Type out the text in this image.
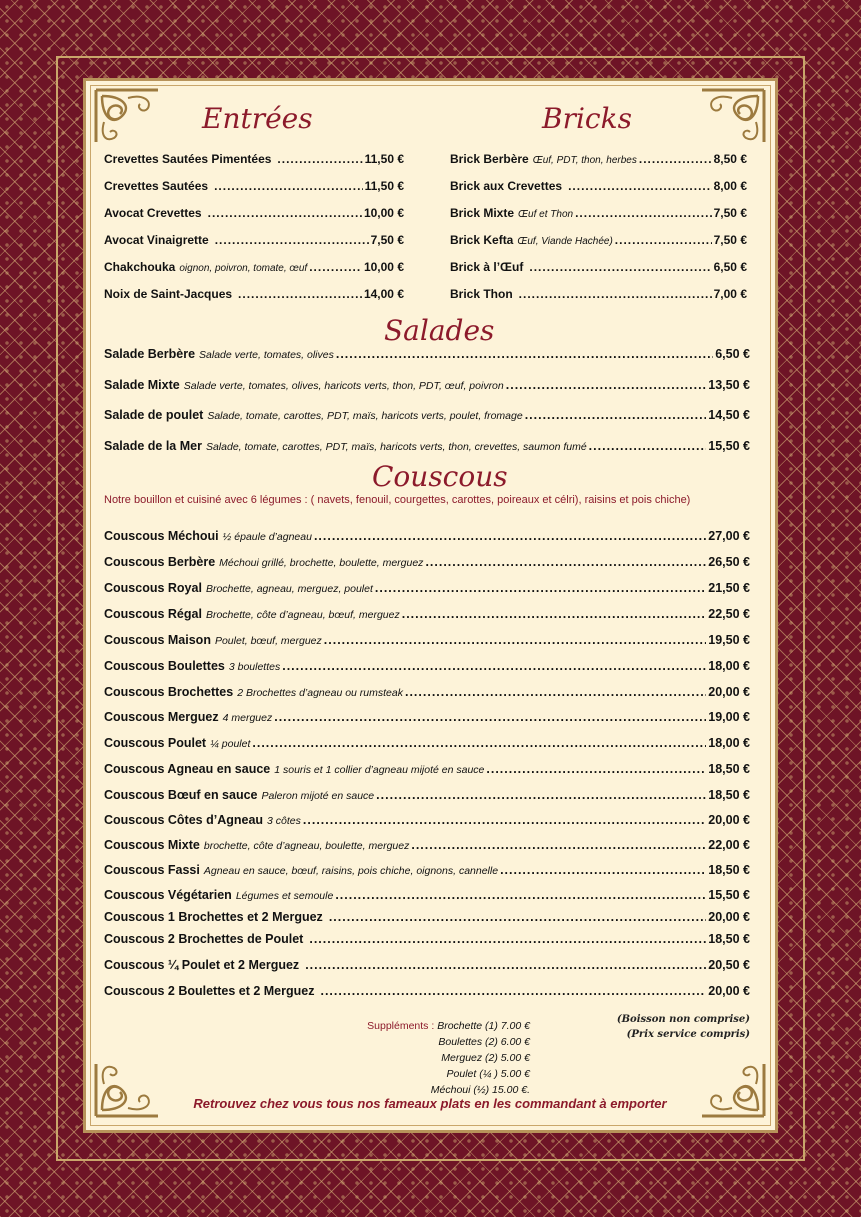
Entrées	Bricks
Salades
Couscous
Crevettes Sautées Pimentées .....	11,50 €
Crevettes Sautées .....	11,50 €
Avocat Crevettes .....	10,00 €
Avocat Vinaigrette .....	7,50 €
Chakchouka oignon, poivron, tomate, œuf .....	10,00 €
Noix de Saint-Jacques .....	14,00 €
Brick Berbère Œuf, PDT, thon, herbes .....	8,50 €
Brick aux Crevettes .....	8,00 €
Brick Mixte Œuf et Thon .....	7,50 €
Brick Kefta Œuf, Viande Hachée) .....	7,50 €
Brick à l’Œuf .....	6,50 €
Brick Thon .....	7,00 €
Salade Berbère Salade verte, tomates, olives .....	6,50 €
Salade Mixte Salade verte, tomates, olives, haricots verts, thon, PDT, œuf, poivron .....	13,50 €
Salade de poulet Salade, tomate, carottes, PDT, maïs, haricots verts, poulet, fromage .....	14,50 €
Salade de la Mer Salade, tomate, carottes, PDT, maïs, haricots verts, thon, crevettes, saumon fumé .....	15,50 €
Notre bouillon et cuisiné avec 6 légumes : ( navets, fenouil, courgettes, carottes, poireaux et célri), raisins et pois chiche)
Couscous Méchoui ½ épaule d’agneau .....	27,00 €
Couscous Berbère Méchoui grillé, brochette, boulette, merguez .....	26,50 €
Couscous Royal Brochette, agneau, merguez, poulet .....	21,50 €
Couscous Régal Brochette, côte d’agneau, bœuf, merguez .....	22,50 €
Couscous Maison Poulet, bœuf, merguez .....	19,50 €
Couscous Boulettes 3 boulettes .....	18,00 €
Couscous Brochettes 2 Brochettes d’agneau ou rumsteak .....	20,00 €
Couscous Merguez 4 merguez .....	19,00 €
Couscous Poulet ¼ poulet .....	18,00 €
Couscous Agneau en sauce 1 souris et 1 collier d’agneau mijoté en sauce .....	18,50 €
Couscous Bœuf en sauce Paleron mijoté en sauce .....	18,50 €
Couscous Côtes d’Agneau 3 côtes .....	20,00 €
Couscous Mixte brochette, côte d’agneau, boulette, merguez .....	22,00 €
Couscous Fassi Agneau en sauce, bœuf, raisins, pois chiche, oignons, cannelle .....	18,50 €
Couscous Végétarien Légumes et semoule .....	15,50 €
Couscous 1 Brochettes et 2 Merguez .....	20,00 €
Couscous 2 Brochettes de Poulet .....	18,50 €
Couscous ¼ Poulet et 2 Merguez .....	20,50 €
Couscous 2 Boulettes et 2 Merguez .....	20,00 €
Suppléments : Brochette (1) 7.00 €
Boulettes (2) 6.00 €
Merguez (2) 5.00 €
Poulet (¼ ) 5.00 €
Méchoui (½) 15.00 €.
(Boisson non comprise)
(Prix service compris)
Retrouvez chez vous tous nos fameaux plats en les commandant à emporter
